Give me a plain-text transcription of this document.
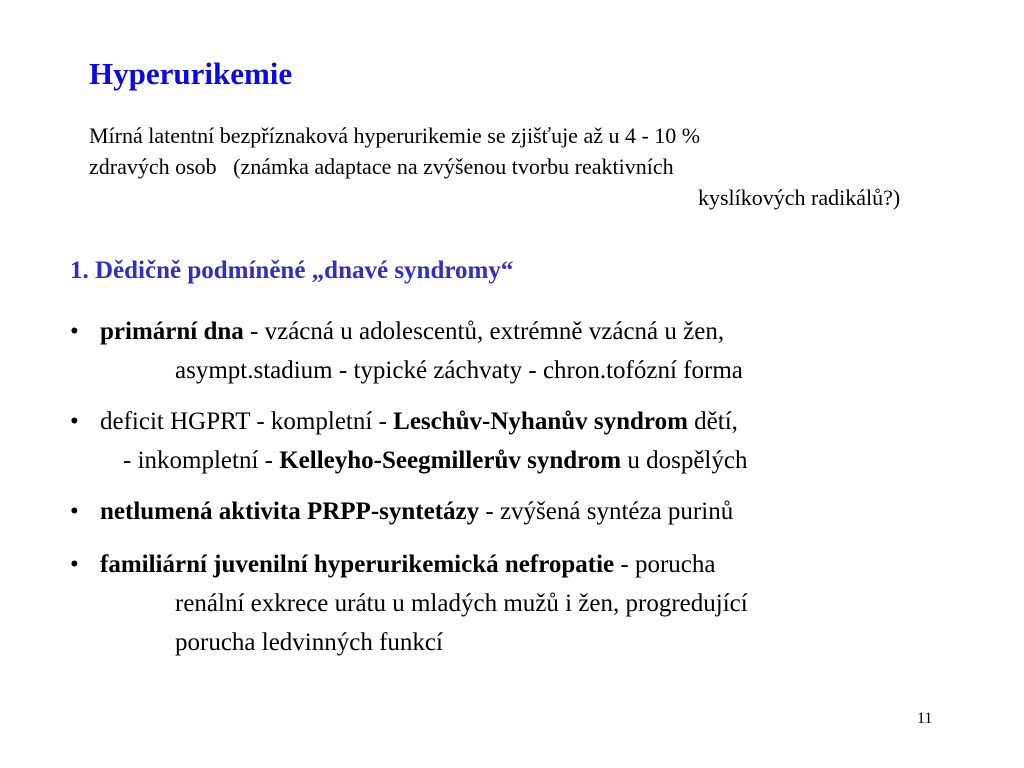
Hyperurikemie

Mírná latentní bezpříznaková hyperurikemie se zjišťuje až u 4 - 10 %
zdravých osob   (známka adaptace na zvýšenou tvorbu reaktivních
kyslíkových radikálů?)

1. Dědičně podmíněné „dnavé syndromy“
• primární dna - vzácná u adolescentů, extrémně vzácná u žen,
asympt.stadium - typické záchvaty - chron.tofózní forma
• deficit HGPRT - kompletní - Leschův-Nyhanův syndrom dětí,
- inkompletní - Kelleyho-Seegmillerův syndrom u dospělých
• netlumená aktivita PRPP-syntetázy - zvýšená syntéza purinů
• familiární juvenilní hyperurikemická nefropatie - porucha
renální exkrece urátu u mladých mužů i žen, progredující
porucha ledvinných funkcí
11
